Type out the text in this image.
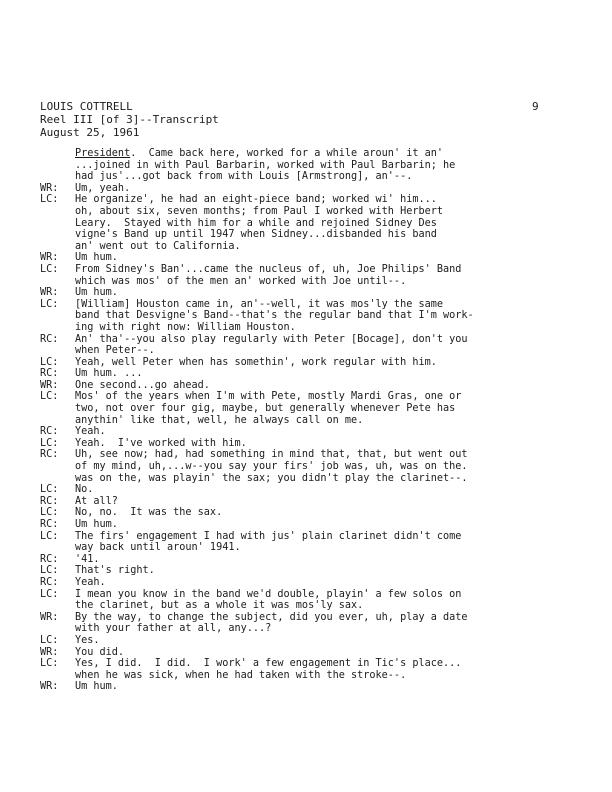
LOUIS COTTRELL
Reel III [of 3]--Transcript
August 25, 1961
9
President.  Came back here, worked for a while aroun' it an'
...joined in with Paul Barbarin, worked with Paul Barbarin; he
had jus'...got back from with Louis [Armstrong], an'--.
WR:	Um, yeah.
LC:	He organize', he had an eight-piece band; worked wi' him...
oh, about six, seven months; from Paul I worked with Herbert
Leary.  Stayed with him for a while and rejoined Sidney Des
vigne's Band up until 1947 when Sidney...disbanded his band
an' went out to California.
WR:	Um hum.
LC:	From Sidney's Ban'...came the nucleus of, uh, Joe Philips' Band
which was mos' of the men an' worked with Joe until--.
WR:	Um hum.
LC:	[William] Houston came in, an'--well, it was mos'ly the same
band that Desvigne's Band--that's the regular band that I'm work-
ing with right now: William Houston.
RC:	An' tha'--you also play regularly with Peter [Bocage], don't you
when Peter--.
LC:	Yeah, well Peter when has somethin', work regular with him.
RC:	Um hum. ...
WR:	One second...go ahead.
LC:	Mos' of the years when I'm with Pete, mostly Mardi Gras, one or
two, not over four gig, maybe, but generally whenever Pete has
anythin' like that, well, he always call on me.
RC:	Yeah.
LC:	Yeah.  I've worked with him.
RC:	Uh, see now; had, had something in mind that, that, but went out
of my mind, uh,...w--you say your firs' job was, uh, was on the.
was on the, was playin' the sax; you didn't play the clarinet--.
LC:	No.
RC:	At all?
LC:	No, no.  It was the sax.
RC:	Um hum.
LC:	The firs' engagement I had with jus' plain clarinet didn't come
way back until aroun' 1941.
RC:	'41.
LC:	That's right.
RC:	Yeah.
LC:	I mean you know in the band we'd double, playin' a few solos on
the clarinet, but as a whole it was mos'ly sax.
WR:	By the way, to change the subject, did you ever, uh, play a date
with your father at all, any...?
LC:	Yes.
WR:	You did.
LC:	Yes, I did.  I did.  I work' a few engagement in Tic's place...
when he was sick, when he had taken with the stroke--.
WR:	Um hum.
